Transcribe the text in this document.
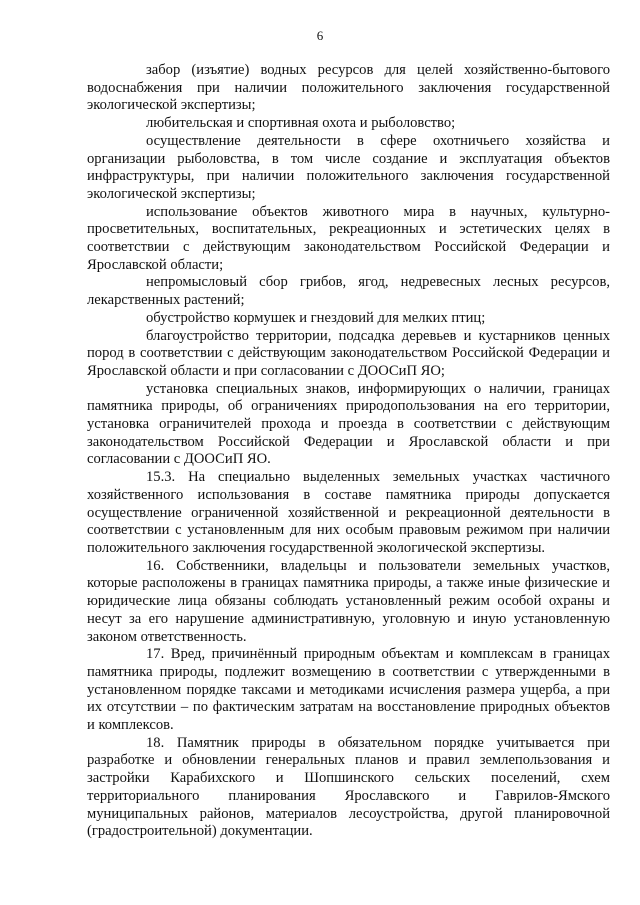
6

забор (изъятие) водных ресурсов для целей хозяйственно-бытового водоснабжения при наличии положительного заключения государственной экологической экспертизы;

любительская и спортивная охота и рыболовство;

осуществление деятельности в сфере охотничьего хозяйства и организации рыболовства, в том числе создание и эксплуатация объектов инфраструктуры, при наличии положительного заключения государственной экологической экспертизы;

использование объектов животного мира в научных, культурно-просветительных, воспитательных, рекреационных и эстетических целях в соответствии с действующим законодательством Российской Федерации и Ярославской области;

непромысловый сбор грибов, ягод, недревесных лесных ресурсов, лекарственных растений;

обустройство кормушек и гнездовий для мелких птиц;

благоустройство территории, подсадка деревьев и кустарников ценных пород в соответствии с действующим законодательством Российской Федерации и Ярославской области и при согласовании с ДООСиП ЯО;

установка специальных знаков, информирующих о наличии, границах памятника природы, об ограничениях природопользования на его территории, установка ограничителей прохода и проезда в соответствии с действующим законодательством Российской Федерации и Ярославской области и при согласовании с ДООСиП ЯО.

15.3. На специально выделенных земельных участках частичного хозяйственного использования в составе памятника природы допускается осуществление ограниченной хозяйственной и рекреационной деятельности в соответствии с установленным для них особым правовым режимом при наличии положительного заключения государственной экологической экспертизы.

16. Собственники, владельцы и пользователи земельных участков, которые расположены в границах памятника природы, а также иные физические и юридические лица обязаны соблюдать установленный режим особой охраны и несут за его нарушение административную, уголовную и иную установленную законом ответственность.

17. Вред, причинённый природным объектам и комплексам в границах памятника природы, подлежит возмещению в соответствии с утвержденными в установленном порядке таксами и методиками исчисления размера ущерба, а при их отсутствии – по фактическим затратам на восстановление природных объектов и комплексов.

18. Памятник природы в обязательном порядке учитывается при разработке и обновлении генеральных планов и правил землепользования и застройки Карабихского и Шопшинского сельских поселений, схем территориального планирования Ярославского и Гаврилов-Ямского муниципальных районов, материалов лесоустройства, другой планировочной (градостроительной) документации.
